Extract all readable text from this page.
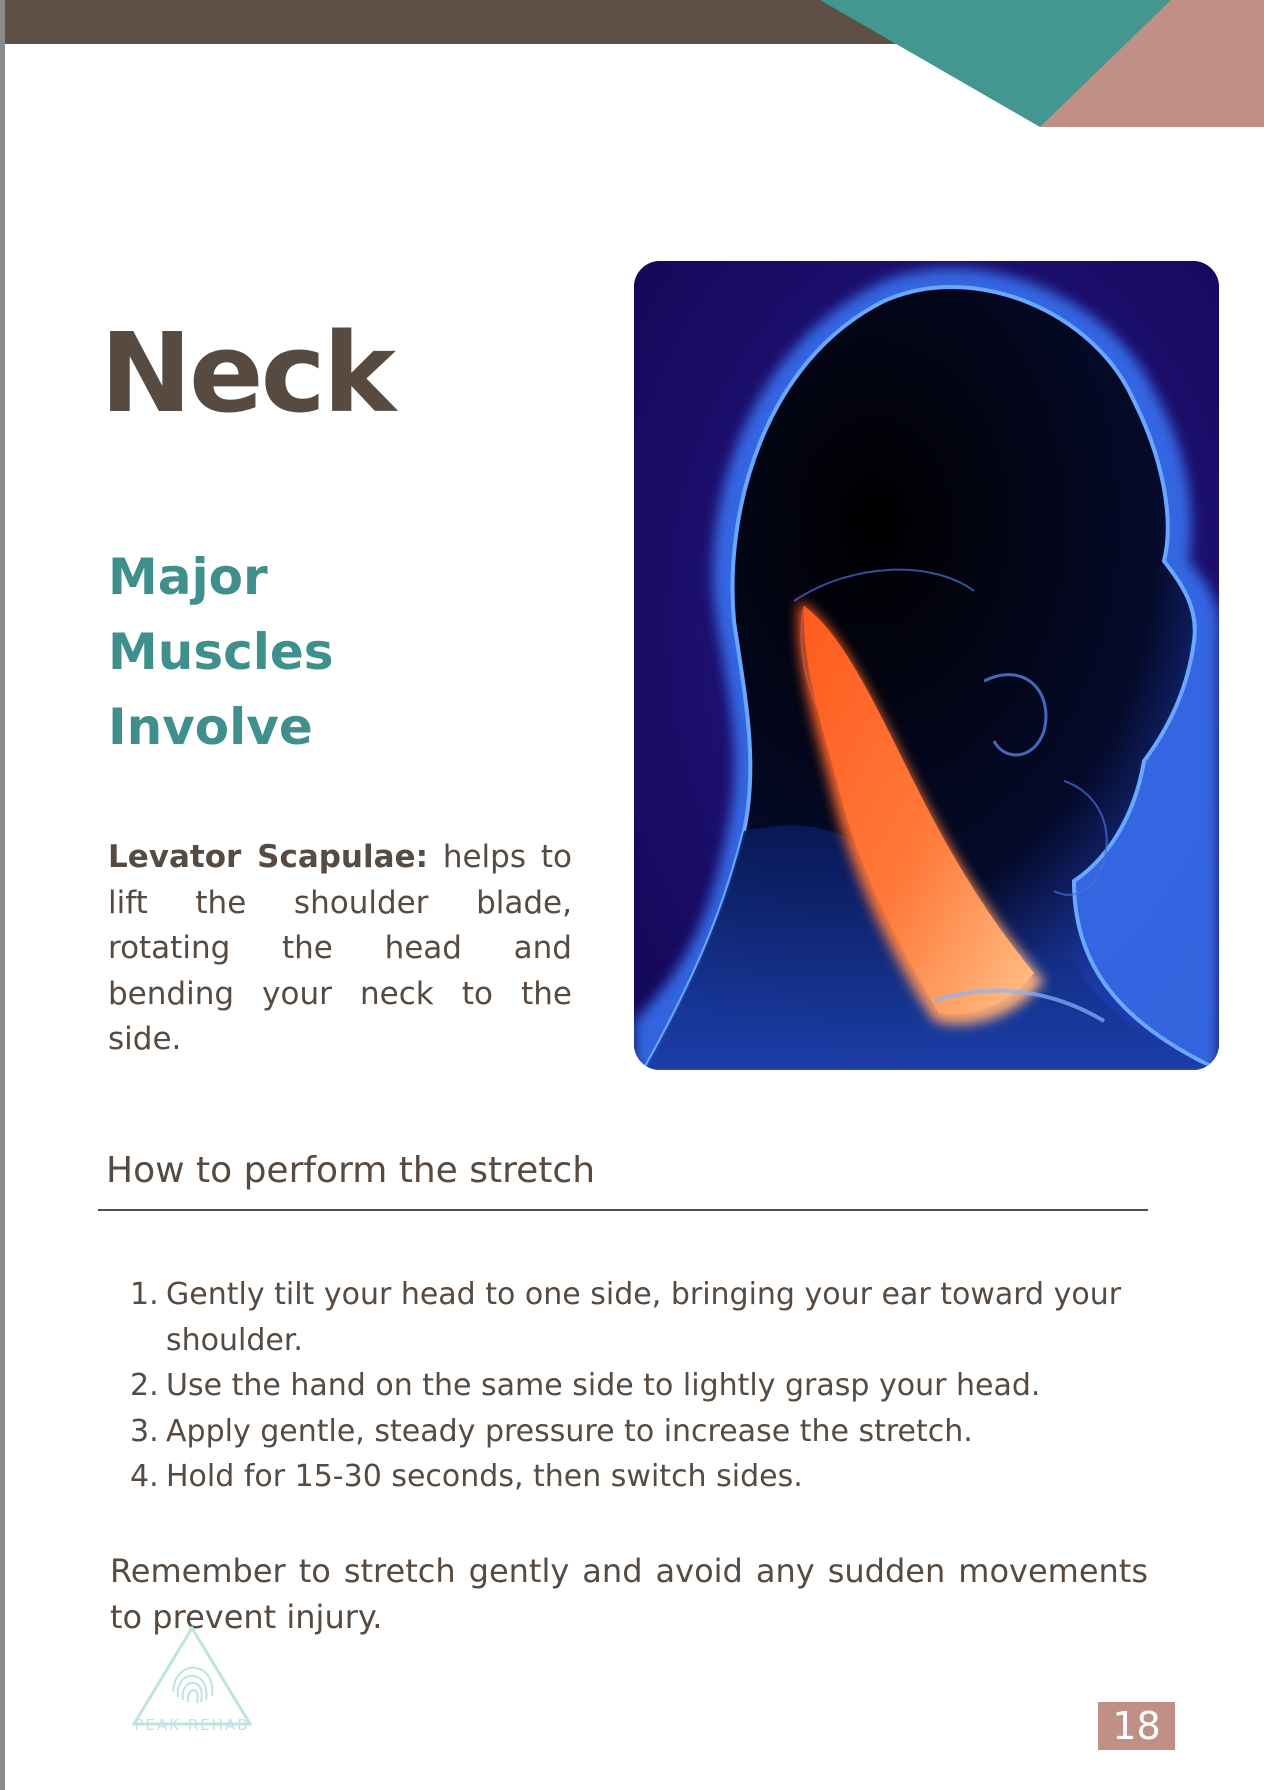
Neck
Major
Muscles
Involve

Levator Scapulae: helps to lift the shoulder blade, rotating the head and bending your neck to the side.

How to perform the stretch
1. Gently tilt your head to one side, bringing your ear toward your shoulder.
2. Use the hand on the same side to lightly grasp your head.
3. Apply gentle, steady pressure to increase the stretch.
4. Hold for 15-30 seconds, then switch sides.

Remember to stretch gently and avoid any sudden movements to prevent injury.

PEAK REHAB	18
